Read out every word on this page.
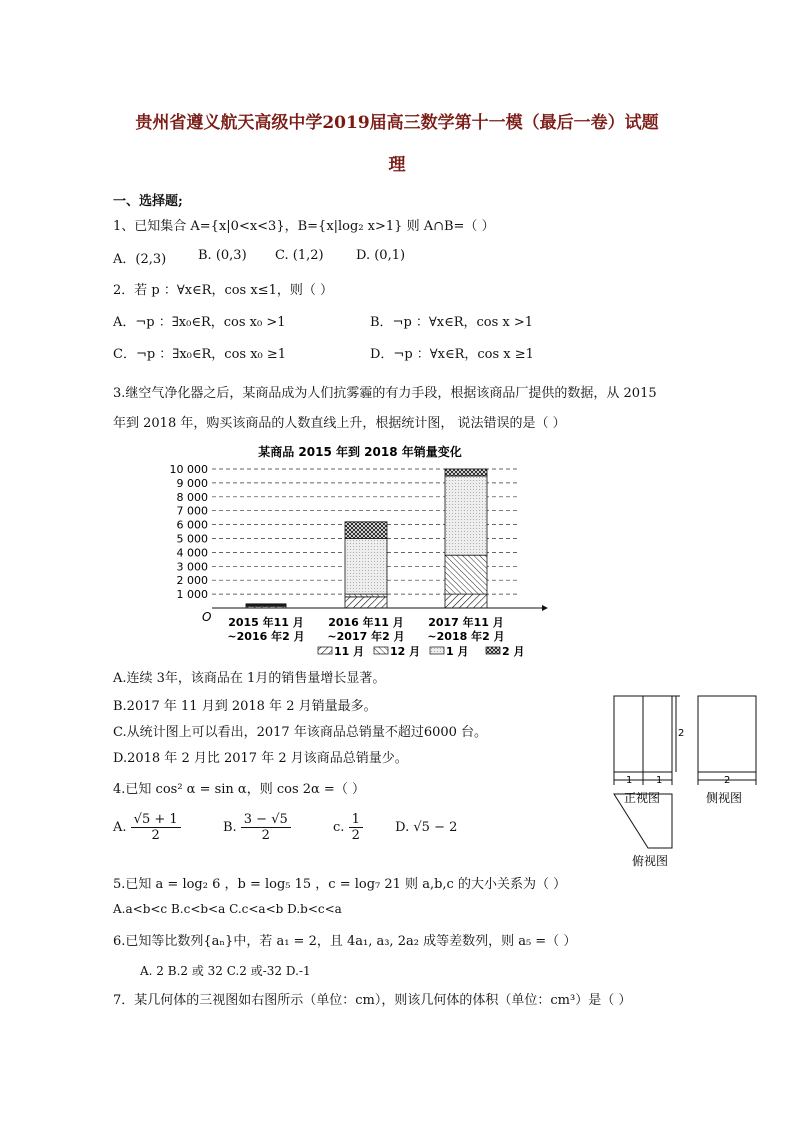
贵州省遵义航天高级中学2019届高三数学第十一模（最后一卷）试题
理
一、选择题;
1、已知集合 A={x|0<x<3}，B={x|log₂ x>1} 则 A∩B=（ ）
A．(2,3) B. (0,3) C. (1,2) D. (0,1)
2．若 p ：∀x∈R，cos x≤1，则（ ）
A．¬p ：∃x₀∈R，cos x₀ >1	B．¬p ：∀x∈R，cos x >1
C．¬p ：∃x₀∈R，cos x₀ ≥1	D．¬p ：∀x∈R，cos x ≥1
3.继空气净化器之后，某商品成为人们抗雾霾的有力手段，根据该商品厂提供的数据，从 2015
年到 2018 年，购买该商品的人数直线上升，根据统计图， 说法错误的是（ ）
某商品 2015 年到 2018 年销量变化
1 000
2 000
3 000
4 000
5 000
6 000
7 000
8 000
9 000
10 000
2015 年11 月
~2016 年2 月
2016 年11 月
~2017 年2 月
2017 年11 月
~2018 年2 月
11 月 12 月 1 月	2 月
O
A.连续 3年，该商品在 1月的销售量增长显著。
B.2017 年 11 月到 2018 年 2 月销量最多。
C.从统计图上可以看出，2017 年该商品总销量不超过6000 台。
D.2018 年 2 月比 2017 年 2 月该商品总销量少。
1 1
2
正视图
2
侧视图
俯视图
4.已知 cos² α = sin α，则 cos 2α =（ ）
A. $\frac{√5 + 1}{2}$	B. $\frac{3 - √5}{2}$	c. $\frac{1}{2} D$. √5 − 2
5.已知 a = log₂ 6 ，b = log₅ 15 ，c = log₇ 21 则 a,b,c 的大小关系为（ ）
A.a<b<c B.c<b<a C.c<a<b D.b<c<a
6.已知等比数列{aₙ}中，若 a₁ = 2，且 4a₁, a₃, 2a₂ 成等差数列，则 a₅ =（ ）
A. 2 B.2 或 32 C.2 或-32 D.-1
7．某几何体的三视图如右图所示（单位：cm），则该几何体的体积（单位：cm³）是（ ）
